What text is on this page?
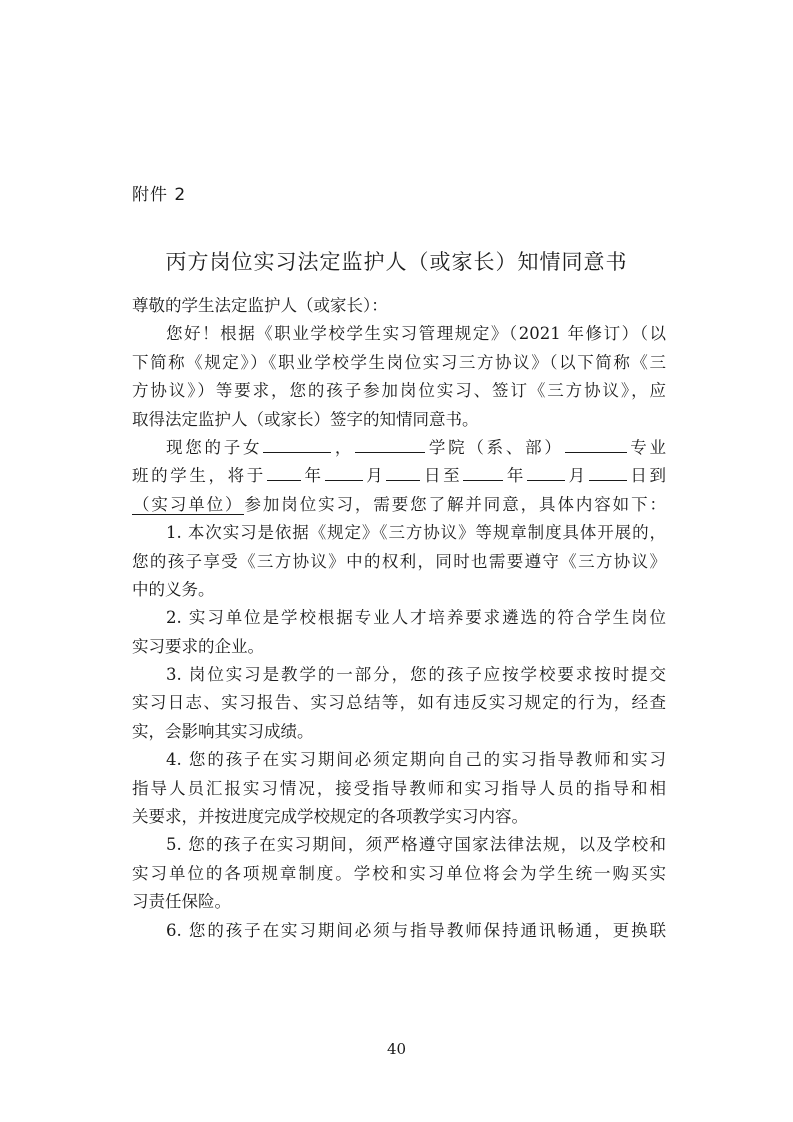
附件 2
丙方岗位实习法定监护人（或家长）知情同意书
尊敬的学生法定监护人（或家长）：
您好！根据《职业学校学生实习管理规定》（2021 年修订）（以
下简称《规定》）《职业学校学生岗位实习三方协议》（以下简称《三
方协议》）等要求，您的孩子参加岗位实习、签订《三方协议》，应
取得法定监护人（或家长）签字的知情同意书。
现您的子女	，	学院（系、部）	专业
班的学生，将于 年 月 日至	年 月 日到
（实习单位）参加岗位实习，需要您了解并同意，具体内容如下：
1. 本次实习是依据《规定》《三方协议》等规章制度具体开展的，
您的孩子享受《三方协议》中的权利，同时也需要遵守《三方协议》
中的义务。
2. 实习单位是学校根据专业人才培养要求遴选的符合学生岗位
实习要求的企业。
3. 岗位实习是教学的一部分，您的孩子应按学校要求按时提交
实习日志、实习报告、实习总结等，如有违反实习规定的行为，经查
实，会影响其实习成绩。
4. 您的孩子在实习期间必须定期向自己的实习指导教师和实习
指导人员汇报实习情况，接受指导教师和实习指导人员的指导和相
关要求，并按进度完成学校规定的各项教学实习内容。
5. 您的孩子在实习期间，须严格遵守国家法律法规，以及学校和
实习单位的各项规章制度。学校和实习单位将会为学生统一购买实
习责任保险。
6. 您的孩子在实习期间必须与指导教师保持通讯畅通，更换联
40
